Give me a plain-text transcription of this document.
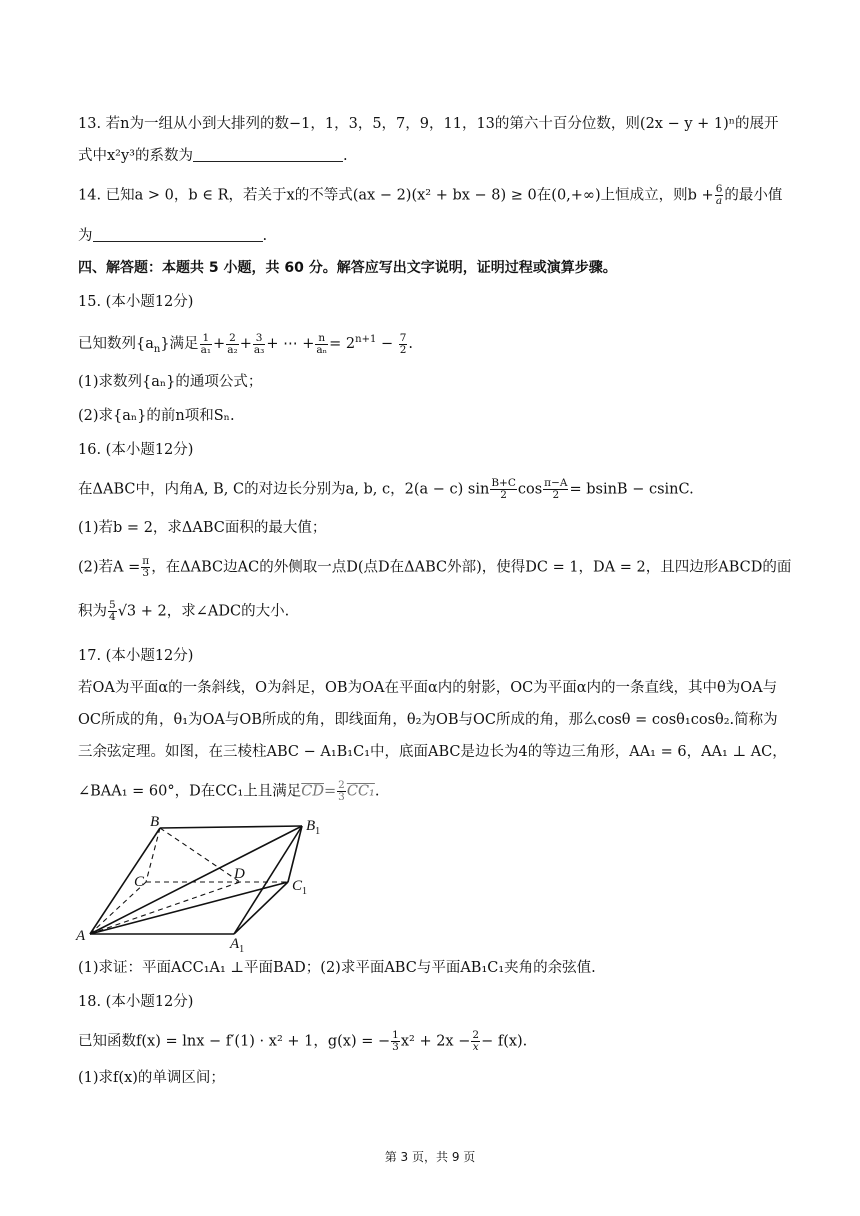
13. 若n为一组从小到大排列的数−1，1，3，5，7，9，11，13的第六十百分位数，则(2x − y + 1)ⁿ的展开
式中x²y³的系数为	.
14. 已知a > 0，b ∈ R，若关于x的不等式(ax − 2)(x² + bx − 8) ≥ 0在(0,+∞)上恒成立，则$b + \frac{6}{a}$ 的最小值
为	.
四、解答题：本题共 5 小题，共 60 分。解答应写出文字说明，证明过程或演算步骤。
15. (本小题12分)
已知数列$\{a_n\}$满足 $\frac{1}{\text{a₁}} + \frac{2}{\text{a₂}} + \frac{3}{\text{a₃}}$ + ⋯ + $\frac{n}{\text{aₙ}} = 2^{n+1} - \frac{7}{2}$ .
(1)求数列{aₙ}的通项公式；
(2)求{aₙ}的前n项和Sₙ.
16. (本小题12分)
在ΔABC中，内角A, B, C的对边长分别为a, b, c，2(a − c) $\sin \frac{B+C}{2}$ $\cos \frac{\pi-A}{2} = bsinB - csinC$.
(1)若b = 2，求ΔABC面积的最大值；
(2)若$A = \frac{\pi}{3}$ ，在ΔABC边AC的外侧取一点D(点D在ΔABC外部)，使得DC = 1，DA = 2，且四边形ABCD的面
积为 $\frac{5}{4} √3 + 2$，求∠ADC的大小.
17. (本小题12分)
若OA为平面α的一条斜线，O为斜足，OB为OA在平面α内的射影，OC为平面α内的一条直线，其中θ为OA与
OC所成的角，θ₁为OA与OB所成的角，即线面角，θ₂为OB与OC所成的角，那么cosθ = cosθ₁cosθ₂.简称为
三余弦定理。如图，在三棱柱ABC − A₁B₁C₁中，底面ABC是边长为4的等边三角形，AA₁ = 6，AA₁ ⊥ AC，
∠BAA₁ = 60°，D在CC₁上且满足$\overline{CD}= \frac{2}{3} CC_1$.
B	$B_1$
C	$C_1$
D
A	$A_1$
(1)求证：平面ACC₁A₁ ⊥平面BAD；(2)求平面ABC与平面AB₁C₁夹角的余弦值.
18. (本小题12分)
已知函数f(x) = lnx − f′(1) · x² + 1，g(x) = − $\frac{1}{3} x^2 + 2x - \frac{2}{x} - f(x)$.
(1)求f(x)的单调区间；
第 3 页，共 9 页
